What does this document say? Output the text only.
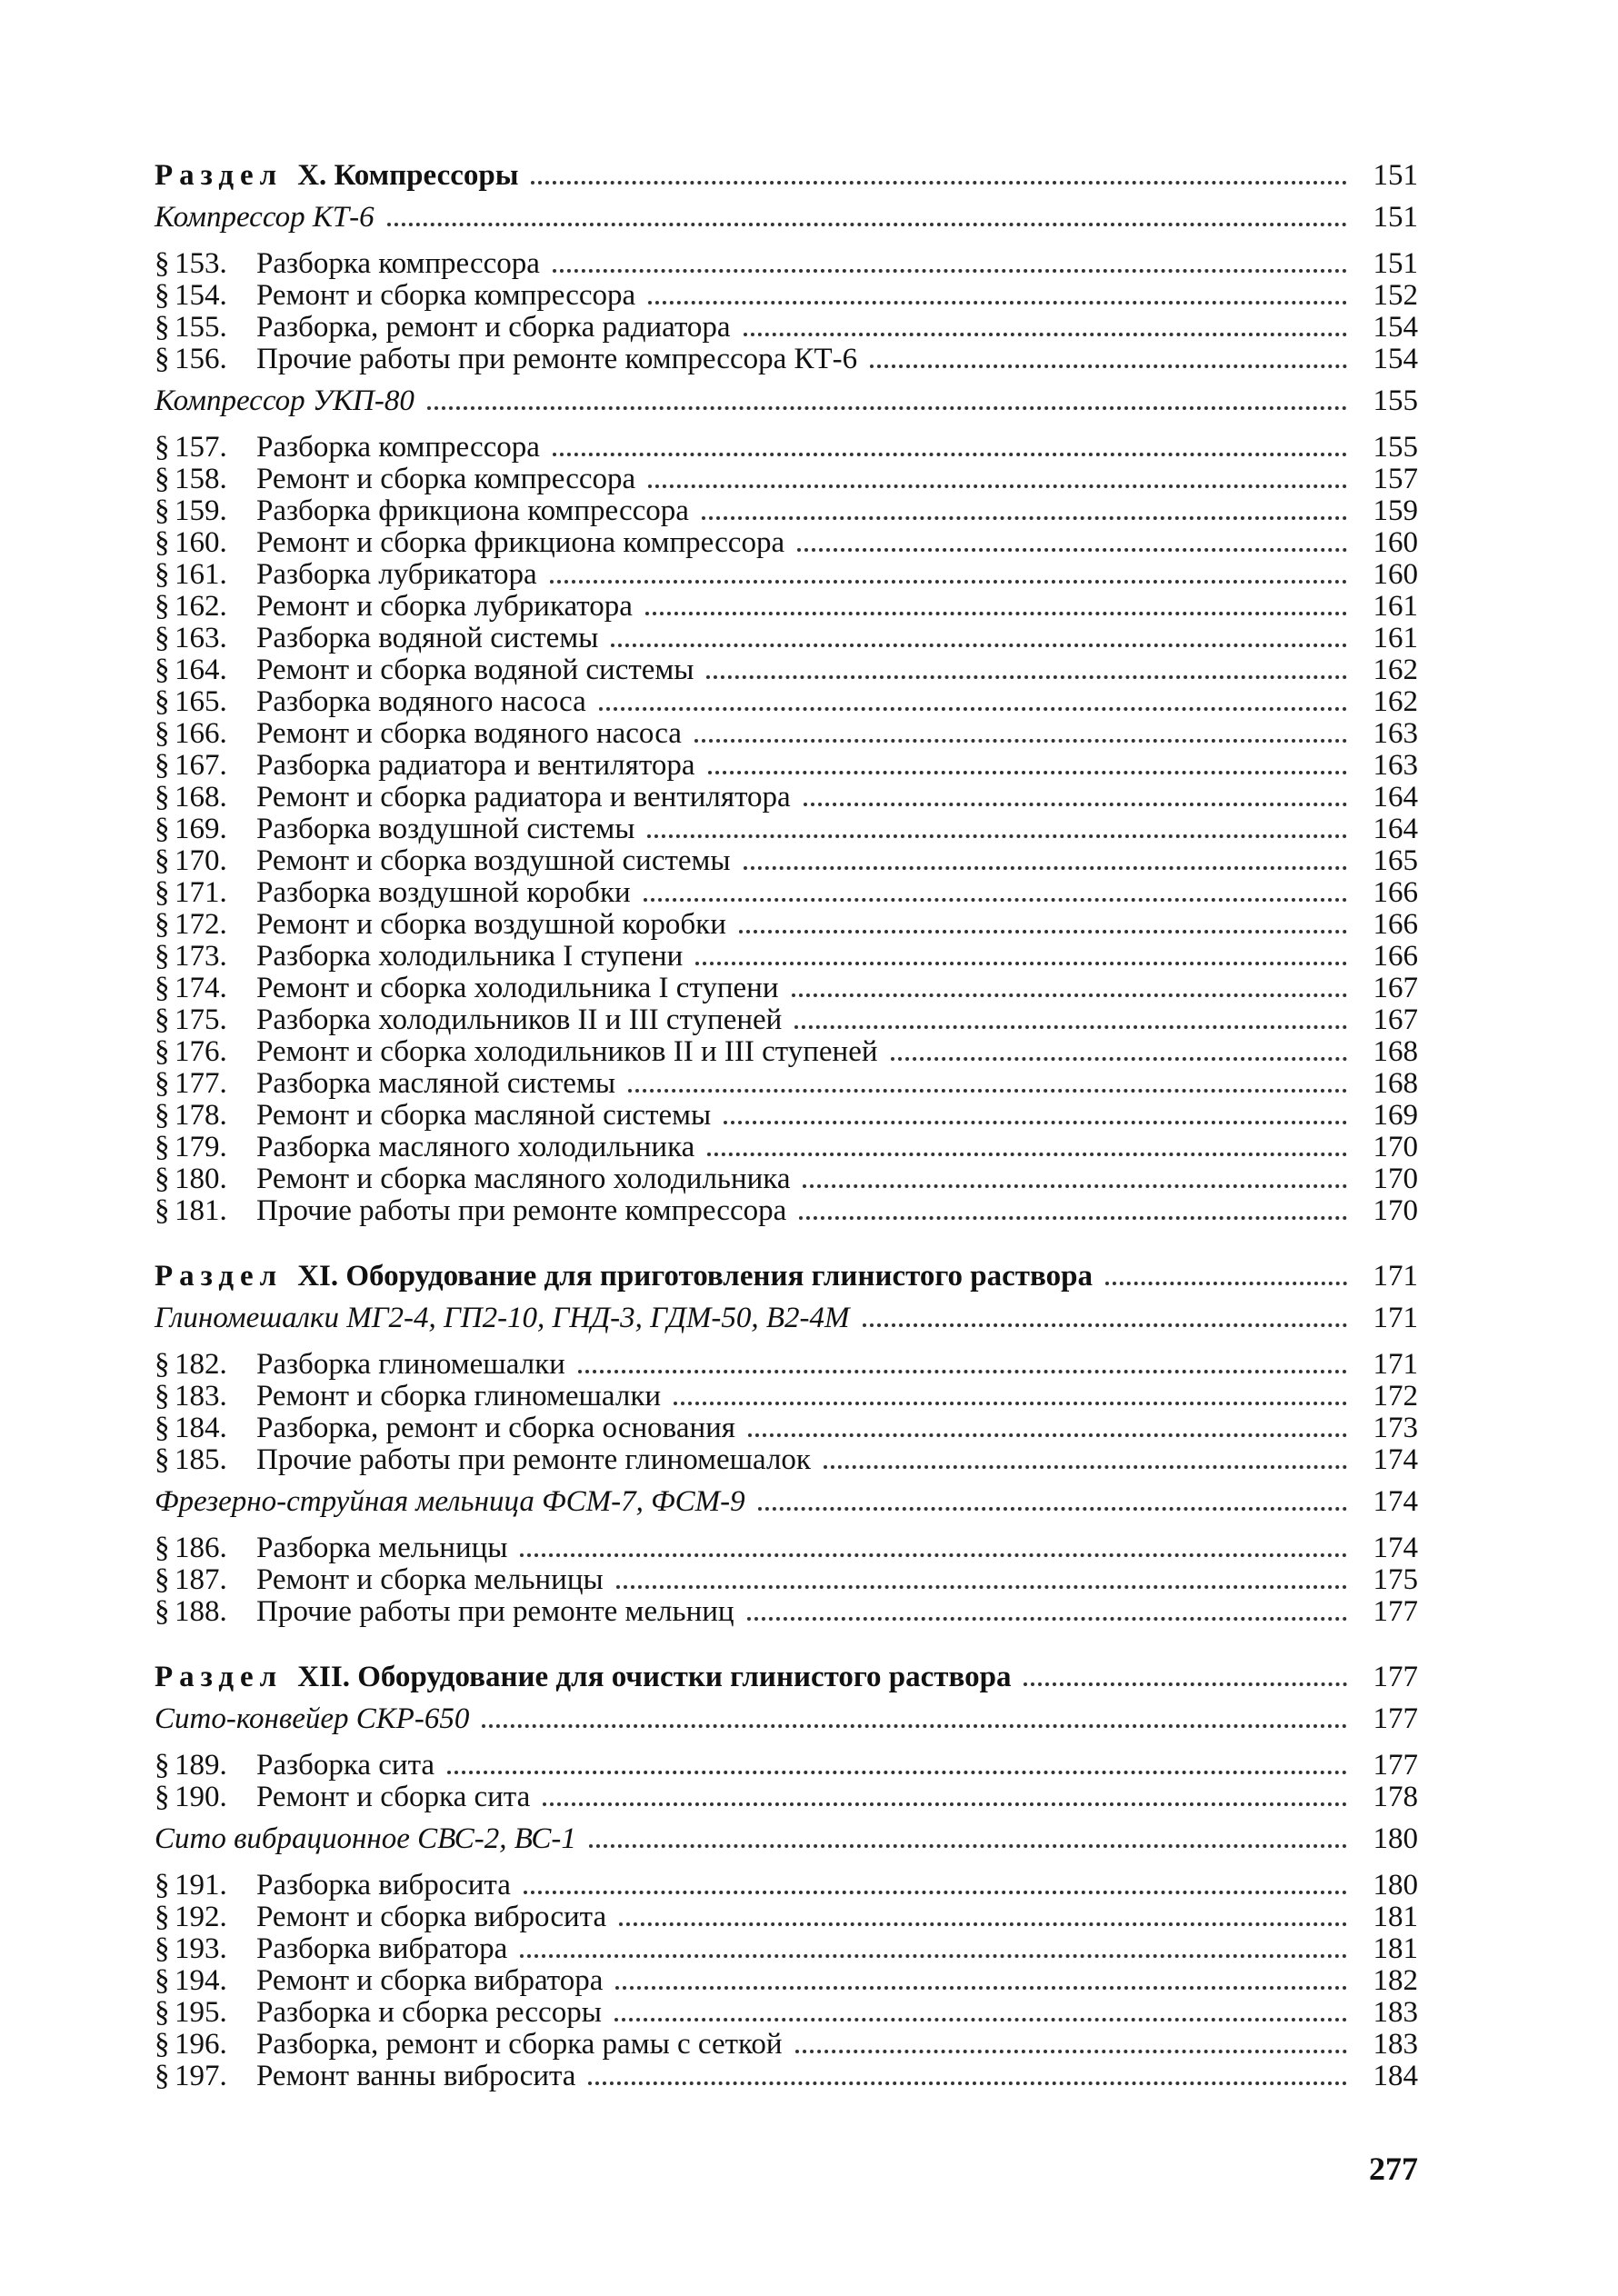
Раздел X. Компрессоры	151
Компрессор КТ-6	151
§ 153. Разборка компрессора	151
§ 154. Ремонт и сборка компрессора	152
§ 155. Разборка, ремонт и сборка радиатора	154
§ 156. Прочие работы при ремонте компрессора КТ-6	154
Компрессор УКП-80	155
§ 157. Разборка компрессора	155
§ 158. Ремонт и сборка компрессора	157
§ 159. Разборка фрикциона компрессора	159
§ 160. Ремонт и сборка фрикциона компрессора	160
§ 161. Разборка лубрикатора	160
§ 162. Ремонт и сборка лубрикатора	161
§ 163. Разборка водяной системы	161
§ 164. Ремонт и сборка водяной системы	162
§ 165. Разборка водяного насоса	162
§ 166. Ремонт и сборка водяного насоса	163
§ 167. Разборка радиатора и вентилятора	163
§ 168. Ремонт и сборка радиатора и вентилятора	164
§ 169. Разборка воздушной системы	164
§ 170. Ремонт и сборка воздушной системы	165
§ 171. Разборка воздушной коробки	166
§ 172. Ремонт и сборка воздушной коробки	166
§ 173. Разборка холодильника I ступени	166
§ 174. Ремонт и сборка холодильника I ступени	167
§ 175. Разборка холодильников II и III ступеней	167
§ 176. Ремонт и сборка холодильников II и III ступеней	168
§ 177. Разборка масляной системы	168
§ 178. Ремонт и сборка масляной системы	169
§ 179. Разборка масляного холодильника	170
§ 180. Ремонт и сборка масляного холодильника	170
§ 181. Прочие работы при ремонте компрессора	170
Раздел XI. Оборудование для приготовления глинистого раствора	171
Глиномешалки МГ2-4, ГП2-10, ГНД-3, ГДМ-50, В2-4М	171
§ 182. Разборка глиномешалки	171
§ 183. Ремонт и сборка глиномешалки	172
§ 184. Разборка, ремонт и сборка основания	173
§ 185. Прочие работы при ремонте глиномешалок	174
Фрезерно-струйная мельница ФСМ-7, ФСМ-9	174
§ 186. Разборка мельницы	174
§ 187. Ремонт и сборка мельницы	175
§ 188. Прочие работы при ремонте мельниц	177
Раздел XII. Оборудование для очистки глинистого раствора	177
Сито-конвейер СКР-650	177
§ 189. Разборка сита	177
§ 190. Ремонт и сборка сита	178
Сито вибрационное СВС-2, ВС-1	180
§ 191. Разборка вибросита	180
§ 192. Ремонт и сборка вибросита	181
§ 193. Разборка вибратора	181
§ 194. Ремонт и сборка вибратора	182
§ 195. Разборка и сборка рессоры	183
§ 196. Разборка, ремонт и сборка рамы с сеткой	183
§ 197. Ремонт ванны вибросита	184
277
